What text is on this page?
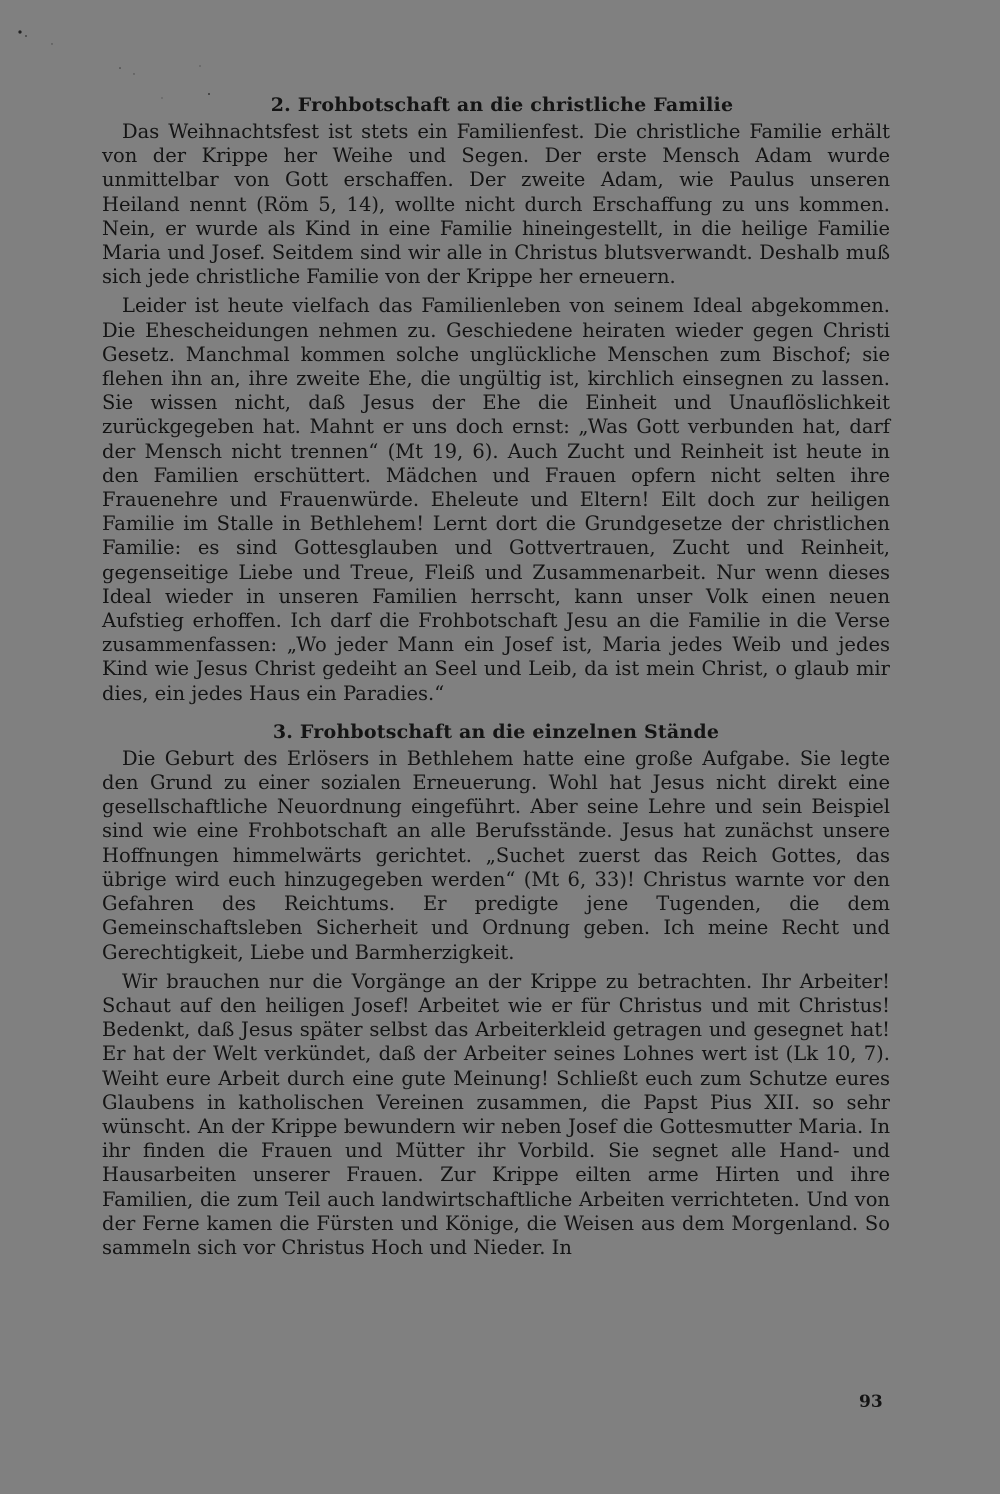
2. Frohbotschaft an die christliche Familie

Das Weihnachtsfest ist stets ein Familienfest. Die christliche Familie erhält von der Krippe her Weihe und Segen. Der erste Mensch Adam wurde unmittelbar von Gott erschaffen. Der zweite Adam, wie Paulus unseren Heiland nennt (Röm 5, 14), wollte nicht durch Erschaffung zu uns kommen. Nein, er wurde als Kind in eine Familie hineingestellt, in die heilige Familie Maria und Josef. Seitdem sind wir alle in Christus blutsverwandt. Deshalb muß sich jede christliche Familie von der Krippe her erneuern.

Leider ist heute vielfach das Familienleben von seinem Ideal abgekommen. Die Ehescheidungen nehmen zu. Geschiedene heiraten wieder gegen Christi Gesetz. Manchmal kommen solche unglückliche Menschen zum Bischof; sie flehen ihn an, ihre zweite Ehe, die ungültig ist, kirchlich einsegnen zu lassen. Sie wissen nicht, daß Jesus der Ehe die Einheit und Unauflöslichkeit zurückgegeben hat. Mahnt er uns doch ernst: „Was Gott verbunden hat, darf der Mensch nicht trennen“ (Mt 19, 6). Auch Zucht und Reinheit ist heute in den Familien erschüttert. Mädchen und Frauen opfern nicht selten ihre Frauenehre und Frauenwürde. Eheleute und Eltern! Eilt doch zur heiligen Familie im Stalle in Bethlehem! Lernt dort die Grundgesetze der christlichen Familie: es sind Gottesglauben und Gottvertrauen, Zucht und Reinheit, gegenseitige Liebe und Treue, Fleiß und Zusammenarbeit. Nur wenn dieses Ideal wieder in unseren Familien herrscht, kann unser Volk einen neuen Aufstieg erhoffen. Ich darf die Frohbotschaft Jesu an die Familie in die Verse zusammenfassen: „Wo jeder Mann ein Josef ist, Maria jedes Weib und jedes Kind wie Jesus Christ gedeiht an Seel und Leib, da ist mein Christ, o glaub mir dies, ein jedes Haus ein Paradies.“

3. Frohbotschaft an die einzelnen Stände

Die Geburt des Erlösers in Bethlehem hatte eine große Aufgabe. Sie legte den Grund zu einer sozialen Erneuerung. Wohl hat Jesus nicht direkt eine gesellschaftliche Neuordnung eingeführt. Aber seine Lehre und sein Beispiel sind wie eine Frohbotschaft an alle Berufsstände. Jesus hat zunächst unsere Hoffnungen himmelwärts gerichtet. „Suchet zuerst das Reich Gottes, das übrige wird euch hinzugegeben werden“ (Mt 6, 33)! Christus warnte vor den Gefahren des Reichtums. Er predigte jene Tugenden, die dem Gemeinschaftsleben Sicherheit und Ordnung geben. Ich meine Recht und Gerechtigkeit, Liebe und Barmherzigkeit.

Wir brauchen nur die Vorgänge an der Krippe zu betrachten. Ihr Arbeiter! Schaut auf den heiligen Josef! Arbeitet wie er für Christus und mit Christus! Bedenkt, daß Jesus später selbst das Arbeiterkleid getragen und gesegnet hat! Er hat der Welt verkündet, daß der Arbeiter seines Lohnes wert ist (Lk 10, 7). Weiht eure Arbeit durch eine gute Meinung! Schließt euch zum Schutze eures Glaubens in katholischen Vereinen zusammen, die Papst Pius XII. so sehr wünscht. An der Krippe bewundern wir neben Josef die Gottesmutter Maria. In ihr finden die Frauen und Mütter ihr Vorbild. Sie segnet alle Hand- und Hausarbeiten unserer Frauen. Zur Krippe eilten arme Hirten und ihre Familien, die zum Teil auch landwirtschaftliche Arbeiten verrichteten. Und von der Ferne kamen die Fürsten und Könige, die Weisen aus dem Morgenland. So sammeln sich vor Christus Hoch und Nieder. In

93
